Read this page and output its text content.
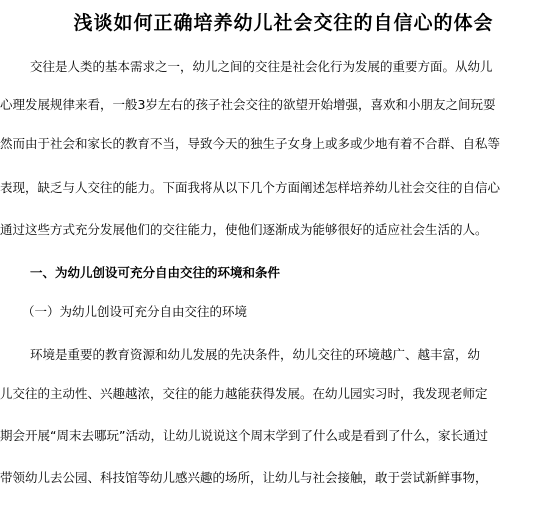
浅谈如何正确培养幼儿社会交往的自信心的体会
交往是人类的基本需求之一，幼儿之间的交往是社会化行为发展的重要方面。从幼儿
心理发展规律来看，一般3岁左右的孩子社会交往的欲望开始增强，喜欢和小朋友之间玩耍
然而由于社会和家长的教育不当，导致今天的独生子女身上或多或少地有着不合群、自私等
表现，缺乏与人交往的能力。下面我将从以下几个方面阐述怎样培养幼儿社会交往的自信心
通过这些方式充分发展他们的交往能力，使他们逐渐成为能够很好的适应社会生活的人。
一、为幼儿创设可充分自由交往的环境和条件
（一）为幼儿创设可充分自由交往的环境
环境是重要的教育资源和幼儿发展的先决条件，幼儿交往的环境越广、越丰富，幼
儿交往的主动性、兴趣越浓，交往的能力越能获得发展。在幼儿园实习时，我发现老师定
期会开展“周末去哪玩”活动，让幼儿说说这个周末学到了什么或是看到了什么，家长通过
带领幼儿去公园、科技馆等幼儿感兴趣的场所，让幼儿与社会接触，敢于尝试新鲜事物，
